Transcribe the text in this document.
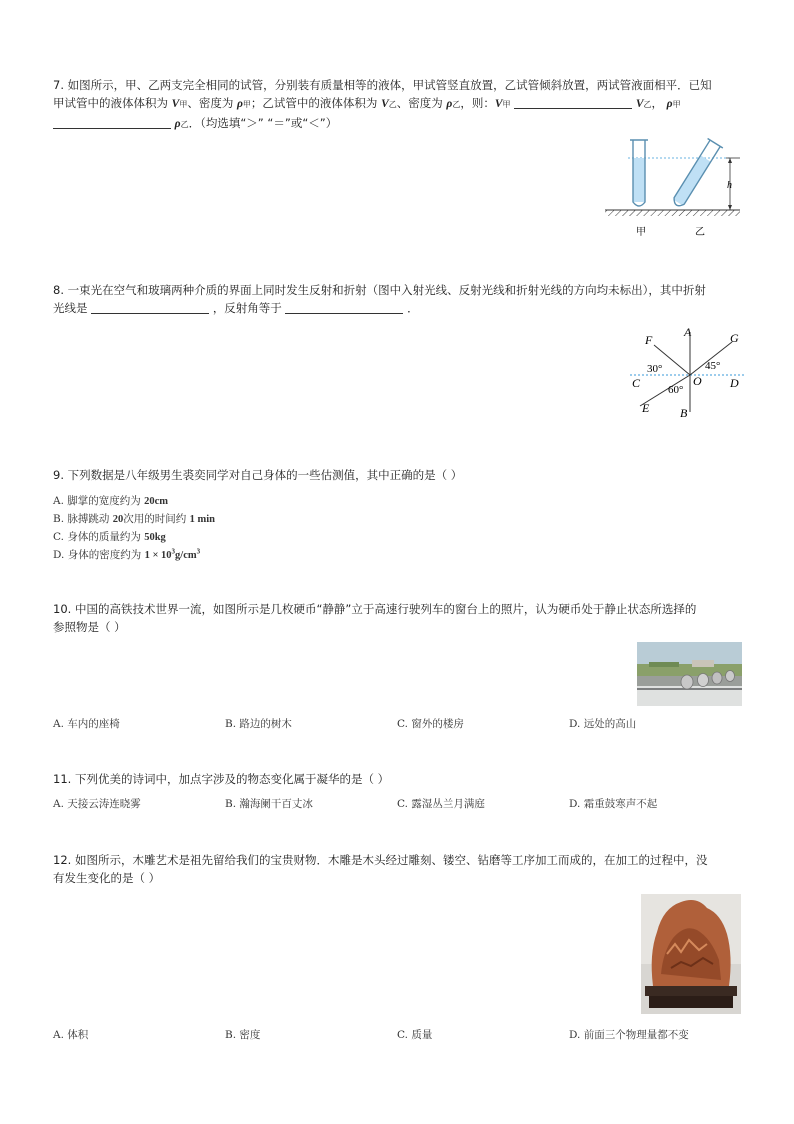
7. 如图所示，甲、乙两支完全相同的试管，分别装有质量相等的液体，甲试管竖直放置，乙试管倾斜放置，两试管液面相平．已知
甲试管中的液体体积为 V甲、密度为 ρ甲；乙试管中的液体体积为 V乙、密度为 ρ乙，则：V甲	V乙， ρ甲
ρ乙．（均选填“＞” “＝”或“＜”）
h
甲	乙
8. 一束光在空气和玻璃两种介质的界面上同时发生反射和折射（图中入射光线、反射光线和折射光线的方向均未标出），其中折射
光线是	，反射角等于	．
A
B
C	D
E
F	G
O
30°	45°
60°
9. 下列数据是八年级男生裘奕同学对自己身体的一些估测值，其中正确的是（ ）
A. 脚掌的宽度约为 20cm
B. 脉搏跳动 20次用的时间约 1 min
C. 身体的质量约为 50kg
D. 身体的密度约为 $1 \times 10^3g/cm^3$
10. 中国的高铁技术世界一流，如图所示是几枚硬币“静静”立于高速行驶列车的窗台上的照片，认为硬币处于静止状态所选择的
参照物是（ ）
A. 车内的座椅	B. 路边的树木	C. 窗外的楼房	D. 远处的高山
11. 下列优美的诗词中，加点字涉及的物态变化属于凝华的是（ ）
A. 天接云涛连晓雾	B. 瀚海阑干百丈冰	C. 露湿丛兰月满庭	D. 霜重鼓寒声不起
12. 如图所示，木雕艺术是祖先留给我们的宝贵财物．木雕是木头经过雕刻、镂空、钻磨等工序加工而成的，在加工的过程中，没
有发生变化的是（ ）
A. 体积	B. 密度	C. 质量	D. 前面三个物理量都不变
